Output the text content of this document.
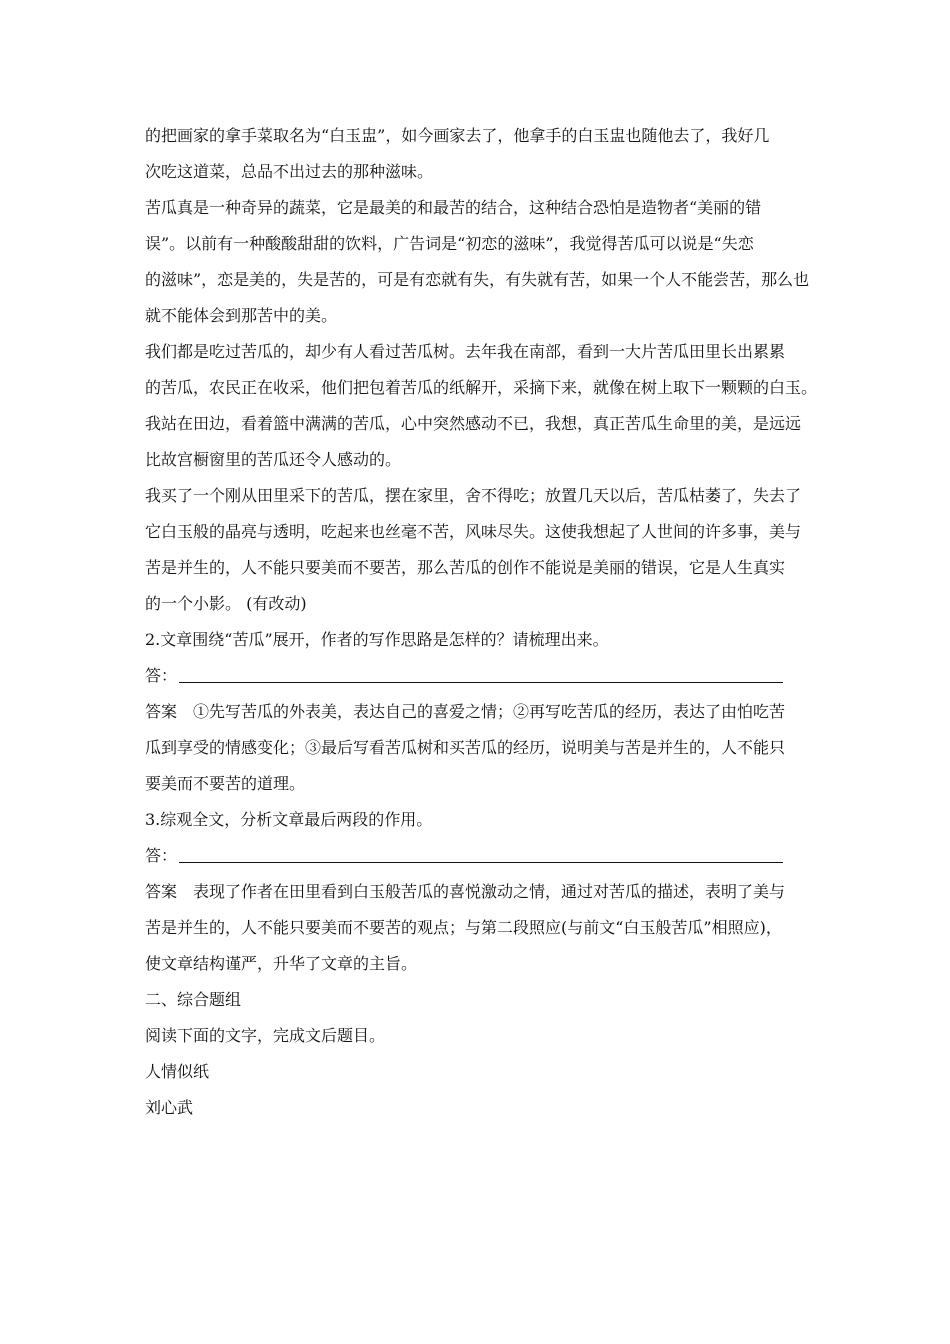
的把画家的拿手菜取名为“白玉盅”，如今画家去了，他拿手的白玉盅也随他去了，我好几
次吃这道菜，总品不出过去的那种滋味。
苦瓜真是一种奇异的蔬菜，它是最美的和最苦的结合，这种结合恐怕是造物者“美丽的错
误”。以前有一种酸酸甜甜的饮料，广告词是“初恋的滋味”，我觉得苦瓜可以说是“失恋
的滋味”，恋是美的，失是苦的，可是有恋就有失，有失就有苦，如果一个人不能尝苦，那么也
就不能体会到那苦中的美。
我们都是吃过苦瓜的，却少有人看过苦瓜树。去年我在南部，看到一大片苦瓜田里长出累累
的苦瓜，农民正在收采，他们把包着苦瓜的纸解开，采摘下来，就像在树上取下一颗颗的白玉。
我站在田边，看着篮中满满的苦瓜，心中突然感动不已，我想，真正苦瓜生命里的美，是远远
比故宫橱窗里的苦瓜还令人感动的。
我买了一个刚从田里采下的苦瓜，摆在家里，舍不得吃；放置几天以后，苦瓜枯萎了，失去了
它白玉般的晶亮与透明，吃起来也丝毫不苦，风味尽失。这使我想起了人世间的许多事，美与
苦是并生的，人不能只要美而不要苦，那么苦瓜的创作不能说是美丽的错误，它是人生真实
的一个小影。 (有改动)
2.文章围绕“苦瓜”展开，作者的写作思路是怎样的？请梳理出来。
答：
答案　①先写苦瓜的外表美，表达自己的喜爱之情；②再写吃苦瓜的经历，表达了由怕吃苦
瓜到享受的情感变化；③最后写看苦瓜树和买苦瓜的经历，说明美与苦是并生的，人不能只
要美而不要苦的道理。
3.综观全文，分析文章最后两段的作用。
答：
答案　表现了作者在田里看到白玉般苦瓜的喜悦激动之情，通过对苦瓜的描述，表明了美与
苦是并生的，人不能只要美而不要苦的观点；与第二段照应(与前文“白玉般苦瓜”相照应)，
使文章结构谨严，升华了文章的主旨。
二、综合题组
阅读下面的文字，完成文后题目。
人情似纸
刘心武
